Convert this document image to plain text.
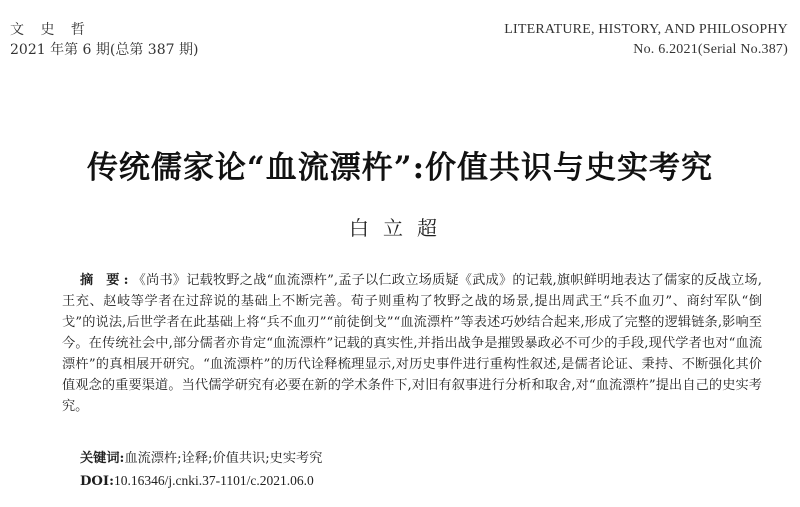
文 史 哲
2021 年第 6 期(总第 387 期)
LITERATURE, HISTORY, AND PHILOSOPHY
No. 6.2021(Serial No.387)
传统儒家论“血流漂杵”:价值共识与史实考究
白立超
摘 要:《尚书》记载牧野之战“血流漂杵”,孟子以仁政立场质疑《武成》的记载,旗帜鲜明地表达了儒家的反战立场,王充、赵岐等学者在过辞说的基础上不断完善。荀子则重构了牧野之战的场景,提出周武王“兵不血刃”、商纣军队“倒戈”的说法,后世学者在此基础上将“兵不血刃”“前徒倒戈”“血流漂杵”等表述巧妙结合起来,形成了完整的逻辑链条,影响至今。在传统社会中,部分儒者亦肯定“血流漂杵”记载的真实性,并指出战争是摧毁暴政必不可少的手段,现代学者也对“血流漂杵”的真相展开研究。“血流漂杵”的历代诠释梳理显示,对历史事件进行重构性叙述,是儒者论证、秉持、不断强化其价值观念的重要渠道。当代儒学研究有必要在新的学术条件下,对旧有叙事进行分析和取舍,对“血流漂杵”提出自己的史实考究。
关键词:血流漂杵;诠释;价值共识;史实考究
DOI:10.16346/j.cnki.37-1101/c.2021.06.0
